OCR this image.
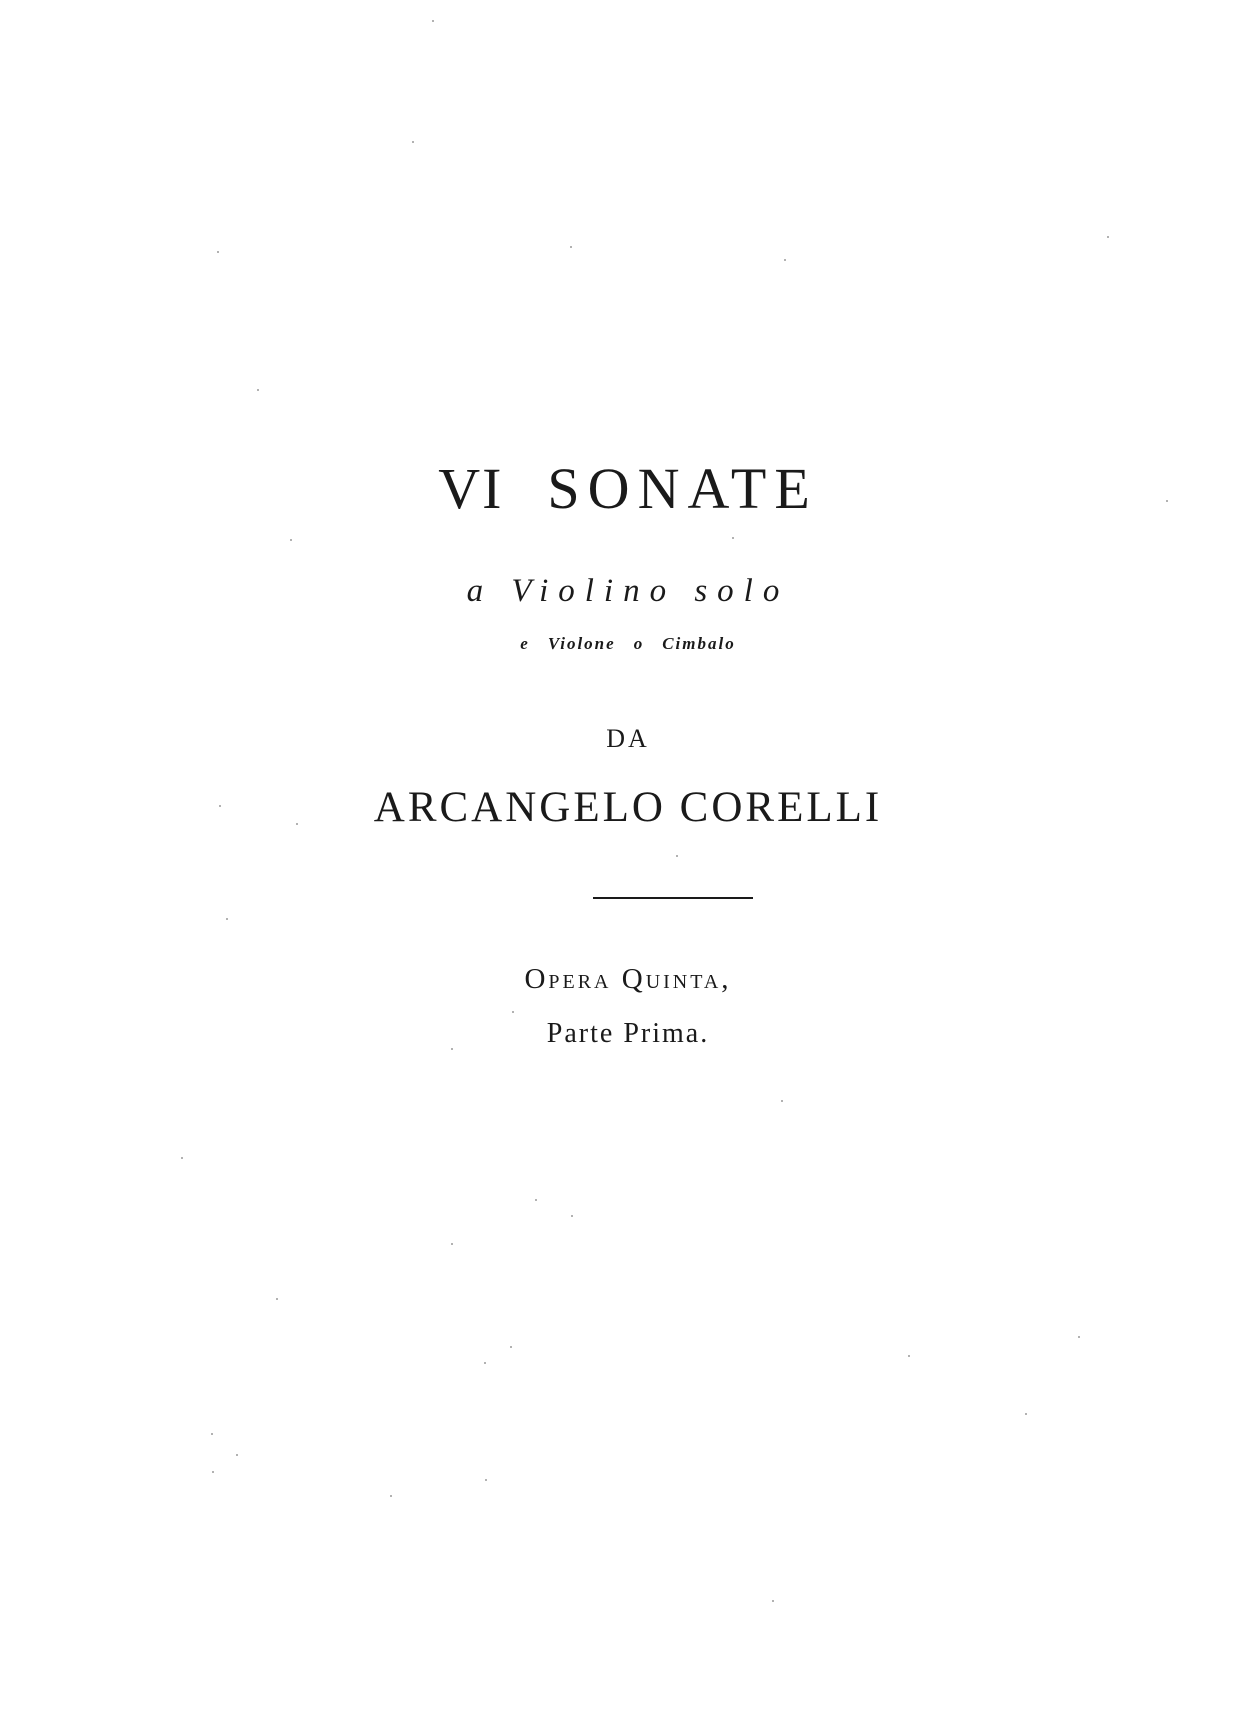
VI SONATE
a Violino solo
e Violone o Cimbalo
DA
ARCANGELO CORELLI
Opera Quinta,
Parte Prima.
